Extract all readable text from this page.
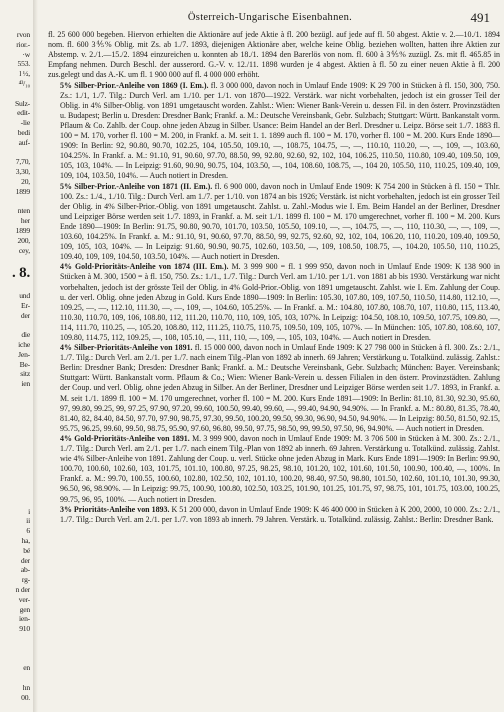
rvon
rior.-
·w
553.
l ½,
⁴³/₁₀
Sulz-
edit-
-lie
bedi
auf-
7,70,
3,30,
20,
1899
nten
her
1899
200,
cey,
. 8.
und
Er-
der
die
iche
Jen-
Be-
sitz
ien
i
ii
6
ha,
bé
der
ab-
rg-
n der
ver-
gen
ien-
910
en
hn
00.
Österreich-Ungarische Eisenbahnen.	491

fl. 25 600 000 begeben. Hiervon erhielten die Aktionäre auf jede Aktie à fl. 200 bezügl. auf jede auf fl. 50 abgest. Aktie v. 2.—10./1. 1894 nom. fl. 600 3⅘% Oblig. mit Zs. ab 1./7. 1893, diejenigen Aktionäre aber, welche keine Oblig. beziehen wollten, hatten ihre Aktien zur Abstemp. v. 2./1.—15./2. 1894 einzureichen u. konnten ab 18./1. 1894 den Barerlös von nom. fl. 600 à 3⅘% zuzügl. Zs. mit fl. 465.85 in Empfang nehmen. Durch Beschl. der ausserord. G.-V. v. 12./11. 1898 wurden je 4 abgest. Aktien à fl. 50 zu einer neuen Aktie à fl. 200 zus.gelegt und das A.-K. um fl. 1 900 000 auf fl. 4 000 000 erhöht.

5% Silber-Prior.-Anleihe von 1869 (I. Em.). fl. 3 000 000, davon noch in Umlauf Ende 1909: K 29 700 in Stücken à fl. 150, 300, 750. Zs.: 1./1, 1./7. Tilg.: Durch Verl. am 1./10. per 1./1. von 1870—1922. Verstärk. war nicht vorbehalten, jedoch ist ein grosser Teil der Oblig. in 4% Silber-Oblig. von 1891 umgetauscht worden. Zahlst.: Wien: Wiener Bank-Verein u. dessen Fil. in den österr. Provinzstädten u. Budapest; Berlin u. Dresden: Dresdner Bank; Frankf. a. M.: Deutsche Vereinsbank, Gebr. Sulzbach; Stuttgart: Württ. Bankanstalt vorm. Pflaum & Co. Zahlb. der Coup. ohne jeden Abzug in Silber. Usance: Beim Handel an der Berl. Dresdner u. Leipz. Börse seit 1./7. 1883 fl. 100 = M. 170, vorher fl. 100 = M. 200, in Frankf. a. M. seit 1. 1. 1899 auch fl. 100 = M. 170, vorher fl. 100 = M. 200. Kurs Ende 1890—1909: In Berlin: 92, 90.80, 90.70, 102.25, 104, 105.50, 109.10, —, 108.75, 104.75, —, —, 110.10, 110.20, —, —, 109, —, 103.60, 104.25%. In Frankf. a. M.: 91.10, 91, 90.60, 97.70, 88.50, 99, 92.80, 92.60, 92, 102, 104, 106.25, 110.50, 110.80, 109.40, 109.50, 109, 105, 103, 104%. — In Leipzig: 91.60, 90.90, 90.75, 104, 103.50, —, 104, 108.60, 108.75, —, 104 20, 105.50, 110, 110.25, 109.40, 109, 109, 104, 103.50, 104%. — Auch notiert in Dresden.

5% Silber-Prior.-Anleihe von 1871 (II. Em.). fl. 6 900 000, davon noch in Umlauf Ende 1909: K 754 200 in Stücken à fl. 150 = Thlr. 100. Zs.: 1./4., 1./10. Tilg.: Durch Verl. am 1./7. per 1./10. von 1874 an bis 1926; Verstärk. ist nicht vorbehalten, jedoch ist ein grosser Teil der Oblig. in 4% Silber-Prior.-Oblig. von 1891 umgetauscht. Zahlst. u. Zahl.-Modus wie I. Em. Beim Handel an der Berliner, Dresdner und Leipziger Börse werden seit 1./7. 1893, in Frankf. a. M. seit 1./1. 1899 fl. 100 = M. 170 umgerechnet, vorher fl. 100 = M. 200. Kurs Ende 1890—1909: In Berlin: 91.75, 90.80, 90.70, 101.70, 103.50, 105.50, 109.10, —, —, 104.75, —, —, 110, 110.30, —, —, 109, —, 103.60, 104.25%. In Frankf. a. M.: 91.10, 91, 90.60, 97.70, 88.50, 99, 92.75, 92.60, 92, 102, 104, 106.20, 110, 110.20, 109.40, 109.50, 109, 105, 103, 104%. — In Leipzig: 91.60, 90.90, 90.75, 102.60, 103.50, —, 109, 108.50, 108.75, —, 104.20, 105.50, 110, 110.25, 109.40, 109, 109, 104.50, 103.50, 104%. — Auch notiert in Dresden.

4% Gold-Prioritäts-Anleihe von 1874 (III. Em.). M. 3 999 900 = fl. 1 999 950, davon noch in Umlauf Ende 1909: K 138 900 in Stücken à M. 300, 1500 = à fl. 150, 750. Zs.: 1./1., 1./7. Tilg.: Durch Verl. am 1./10. per 1./1. von 1881 ab bis 1930. Verstärkung war nicht vorbehalten, jedoch ist der grösste Teil der Oblig. in 4% Gold-Prior.-Oblig. von 1891 umgetauscht. Zahlst. wie I. Em. Zahlung der Coup. u. der verl. Oblig. ohne jeden Abzug in Gold. Kurs Ende 1890—1909: In Berlin: 105.30, 107.80, 109, 107.50, 110.50, 114.80, 112.10, —, 109.25, —, —, 112.10, 111.30, —, —, 109, —, 104.60, 105.25%. — In Frankf. a. M.: 104.80, 107.80, 108.70, 107, 110.80, 115, 113.40, 110.30, 110.70, 109, 106, 108.80, 112, 111.20, 110.70, 110, 109, 105, 103, 107%. In Leipzig: 104.50, 108.10, 109.50, 107.75, 109.80, —, 114, 111.70, 110.25, —, 105.20, 108.80, 112, 111.25, 110.75, 110.75, 109.50, 109, 105, 107%. — In München: 105, 107.80, 108.60, 107, 109.80, 114.75, 112, 109.25, —, 108, 105.10, —, 111, 110, —, 109, —, 105, 103, 104%. — Auch notiert in Dresden.

4% Silber-Prioritäts-Anleihe von 1891. fl. 15 000 000, davon noch in Umlauf Ende 1909: K 27 798 000 in Stücken à fl. 300. Zs.: 2./1., 1./7. Tilg.: Durch Verl. am 2./1. per 1./7. nach einem Tilg.-Plan von 1892 ab innerh. 69 Jahren; Verstärkung u. Totalkünd. zulässig. Zahlst.: Berlin: Dresdner Bank; Dresden: Dresdner Bank; Frankf. a. M.: Deutsche Vereinsbank, Gebr. Sulzbach; München: Bayer. Vereinsbank; Stuttgart: Württ. Bankanstalt vorm. Pflaum & Co.; Wien: Wiener Bank-Verein u. dessen Filialen in den österr. Provinzstädten. Zahlung der Coup. und verl. Oblig. ohne jeden Abzug in Silber. An der Berliner, Dresdner und Leipziger Börse werden seit 1./7. 1893, in Frankf. a. M. seit 1./1. 1899 fl. 100 = M. 170 umgerechnet, vorher fl. 100 = M. 200. Kurs Ende 1891—1909: In Berlin: 81.10, 81.30, 92.30, 95.60, 97, 99.80, 99.25, 99, 97.25, 97.90, 97.20, 99.60, 100.50, 99.40, 99.60, —, 99.40, 94.90, 94.90%. — In Frankf. a. M.: 80.80, 81.35, 78.40, 81.40, 82, 84.40, 84.50, 97.70, 97.90, 98.75, 97.30, 99.50, 100.20, 99.50, 99.30, 96.90, 94.50, 94.90%. — In Leipzig: 80.50, 81.50, 92.15, 95.75, 96.25, 99.60, 99.50, 98.75, 95.90, 97.60, 96.80, 99.50, 97.75, 98.50, 99, 99.50, 97.50, 96, 94.90%. — Auch notiert in Dresden.

4% Gold-Prioritäts-Anleihe von 1891. M. 3 999 900, davon noch in Umlauf Ende 1909: M. 3 706 500 in Stücken à M. 300. Zs.: 2./1., 1./7. Tilg.: Durch Verl. am 2./1. per 1./7. nach einem Tilg.-Plan von 1892 ab innerh. 69 Jahren. Verstärkung u. Totalkünd. zulässig. Zahlst. wie 4% Silber-Anleihe von 1891. Zahlung der Coup. u. verl. Stücke ohne jeden Abzug in Mark. Kurs Ende 1891—1909: In Berlin: 99.90, 100.70, 100.60, 102.60, 103, 101.75, 101.10, 100.80, 97.25, 98.25, 98.10, 101.20, 102, 101.60, 101.50, 100.90, 100.40, —, 100%. In Frankf. a. M.: 99.70, 100.55, 100.60, 102.80, 102.50, 102, 101.10, 100.20, 98.40, 97.50, 98.80, 101.50, 102.60, 101.10, 101.30, 99.30, 96.50, 96, 98.90%. — In Leipzig: 99.75, 100.90, 100.80, 102.50, 103.25, 101.90, 101.25, 101.75, 97, 98.75, 101, 101.75, 103.00, 100.25, 99.75, 96, 95, 100%. — Auch notiert in Dresden.

3% Prioritäts-Anleihe von 1893. K 51 200 000, davon in Umlauf Ende 1909: K 46 400 000 in Stücken à K 200, 2000, 10 000. Zs.: 2./1., 1./7. Tilg.: Durch Verl. am 2./1. per 1./7. von 1893 ab innerh. 79 Jahren. Verstärk. u. Totalkünd. zulässig. Zahlst.: Berlin: Dresdner Bank.
